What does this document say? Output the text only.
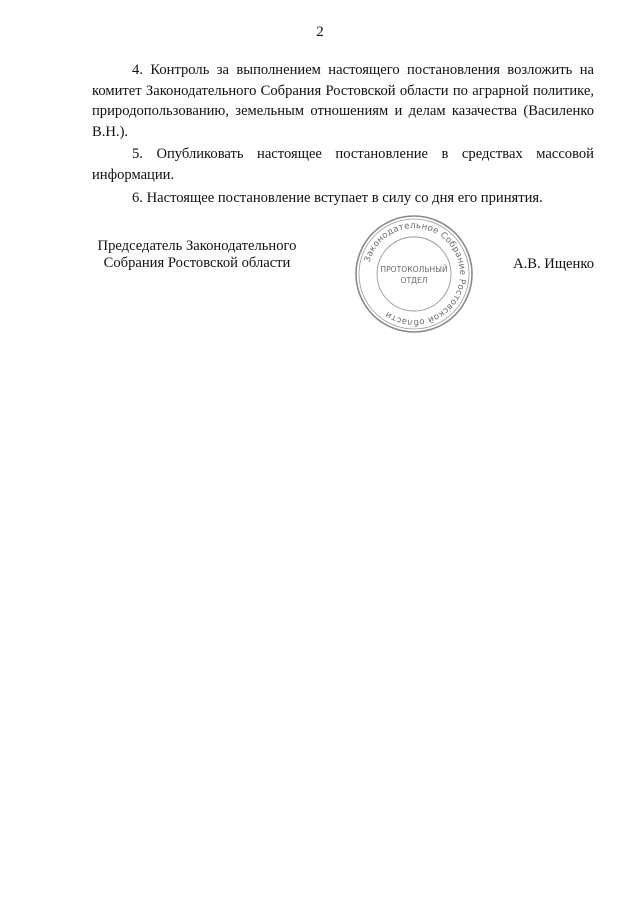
2

4. Контроль за выполнением настоящего постановления возложить на комитет Законодательного Собрания Ростовской области по аграрной политике, природопользованию, земельным отношениям и делам казачества (Василенко В.Н.).

5. Опубликовать настоящее постановление в средствах массовой информации.

6. Настоящее постановление вступает в силу со дня его принятия.

Председатель Законодательного
Собрания Ростовской области	Законодательное Собрание Ростовской области
ПРОТОКОЛЬНЫЙ
ОТДЕЛ
А.В. Ищенко
